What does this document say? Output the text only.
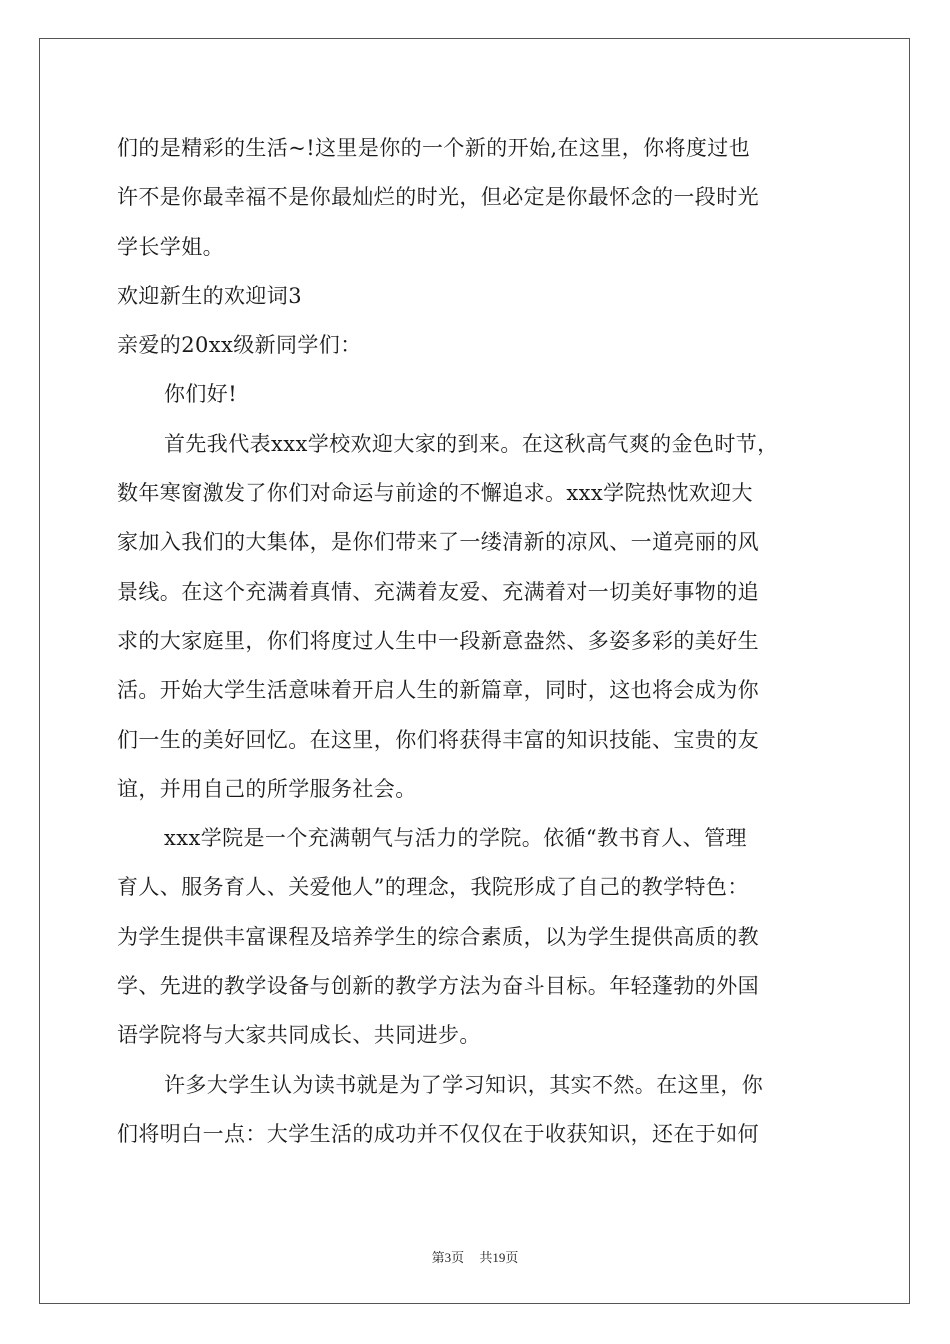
们的是精彩的生活~!这里是你的一个新的开始,在这里，你将度过也
许不是你最幸福不是你最灿烂的时光，但必定是你最怀念的一段时光
学长学姐。
欢迎新生的欢迎词3
亲爱的20xx级新同学们：
你们好!
首先我代表xxx学校欢迎大家的到来。在这秋高气爽的金色时节，
数年寒窗激发了你们对命运与前途的不懈追求。xxx学院热忱欢迎大
家加入我们的大集体，是你们带来了一缕清新的凉风、一道亮丽的风
景线。在这个充满着真情、充满着友爱、充满着对一切美好事物的追
求的大家庭里，你们将度过人生中一段新意盎然、多姿多彩的美好生
活。开始大学生活意味着开启人生的新篇章，同时，这也将会成为你
们一生的美好回忆。在这里，你们将获得丰富的知识技能、宝贵的友
谊，并用自己的所学服务社会。
xxx学院是一个充满朝气与活力的学院。依循“教书育人、管理
育人、服务育人、关爱他人”的理念，我院形成了自己的教学特色：
为学生提供丰富课程及培养学生的综合素质，以为学生提供高质的教
学、先进的教学设备与创新的教学方法为奋斗目标。年轻蓬勃的外国
语学院将与大家共同成长、共同进步。
许多大学生认为读书就是为了学习知识，其实不然。在这里，你
们将明白一点：大学生活的成功并不仅仅在于收获知识，还在于如何
第3页 共19页
